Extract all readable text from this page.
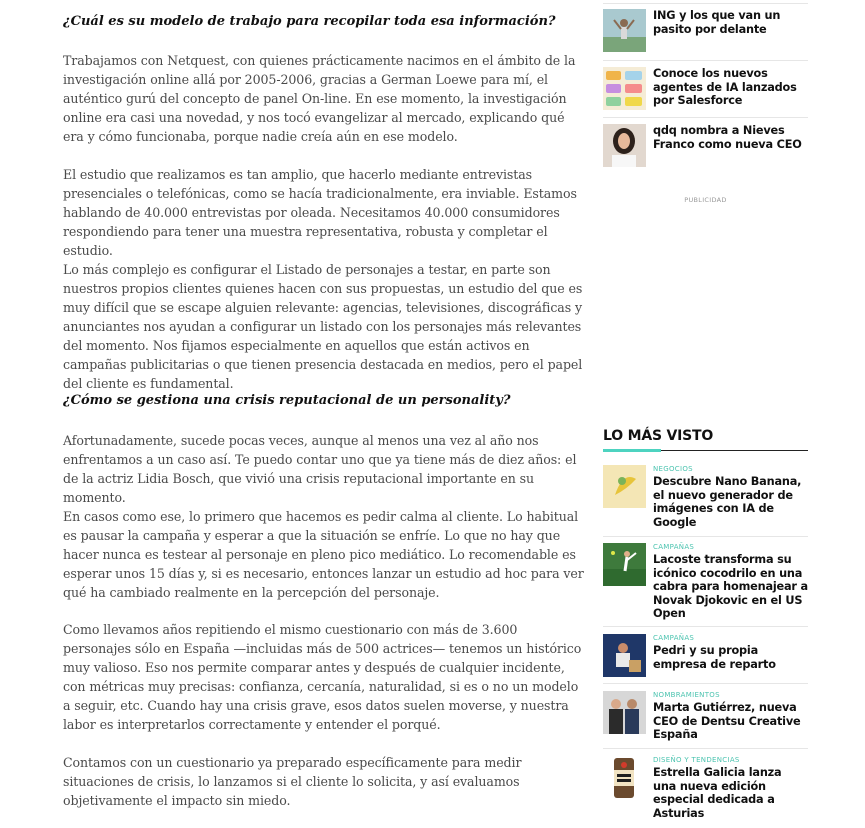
¿Cuál es su modelo de trabajo para recopilar toda esa información?

Trabajamos con Netquest, con quienes prácticamente nacimos en el ámbito de la investigación online allá por 2005-2006, gracias a German Loewe para mí, el auténtico gurú del concepto de panel On-line. En ese momento, la investigación online era casi una novedad, y nos tocó evangelizar al mercado, explicando qué era y cómo funcionaba, porque nadie creía aún en ese modelo.

El estudio que realizamos es tan amplio, que hacerlo mediante entrevistas presenciales o telefónicas, como se hacía tradicionalmente, era inviable. Estamos hablando de 40.000 entrevistas por oleada. Necesitamos 40.000 consumidores respondiendo para tener una muestra representativa, robusta y completar el estudio.

Lo más complejo es configurar el Listado de personajes a testar, en parte son nuestros propios clientes quienes hacen con sus propuestas, un estudio del que es muy difícil que se escape alguien relevante: agencias, televisiones, discográficas y anunciantes nos ayudan a configurar un listado con los personajes más relevantes del momento. Nos fijamos especialmente en aquellos que están activos en campañas publicitarias o que tienen presencia destacada en medios, pero el papel del cliente es fundamental.

¿Cómo se gestiona una crisis reputacional de un personality?

Afortunadamente, sucede pocas veces, aunque al menos una vez al año nos enfrentamos a un caso así. Te puedo contar uno que ya tiene más de diez años: el de la actriz Lidia Bosch, que vivió una crisis reputacional importante en su momento.

En casos como ese, lo primero que hacemos es pedir calma al cliente. Lo habitual es pausar la campaña y esperar a que la situación se enfríe. Lo que no hay que hacer nunca es testear al personaje en pleno pico mediático. Lo recomendable es esperar unos 15 días y, si es necesario, entonces lanzar un estudio ad hoc para ver qué ha cambiado realmente en la percepción del personaje.

Como llevamos años repitiendo el mismo cuestionario con más de 3.600 personajes sólo en España —incluidas más de 500 actrices— tenemos un histórico muy valioso. Eso nos permite comparar antes y después de cualquier incidente, con métricas muy precisas: confianza, cercanía, naturalidad, si es o no un modelo a seguir, etc. Cuando hay una crisis grave, esos datos suelen moverse, y nuestra labor es interpretarlos correctamente y entender el porqué.

Contamos con un cuestionario ya preparado específicamente para medir situaciones de crisis, lo lanzamos si el cliente lo solicita, y así evaluamos objetivamente el impacto sin miedo.

ING y los que van un pasito por delante
Conoce los nuevos agentes de IA lanzados por Salesforce
qdq nombra a Nieves Franco como nueva CEO
PUBLICIDAD
LO MÁS VISTO
NEGOCIOS
Descubre Nano Banana, el nuevo generador de imágenes con IA de Google
CAMPAÑAS
Lacoste transforma su icónico cocodrilo en una cabra para homenajear a Novak Djokovic en el US Open
CAMPAÑAS
Pedri y su propia empresa de reparto
NOMBRAMIENTOS
Marta Gutiérrez, nueva CEO de Dentsu Creative España
DISEÑO Y TENDENCIAS
Estrella Galicia lanza una nueva edición especial dedicada a Asturias
